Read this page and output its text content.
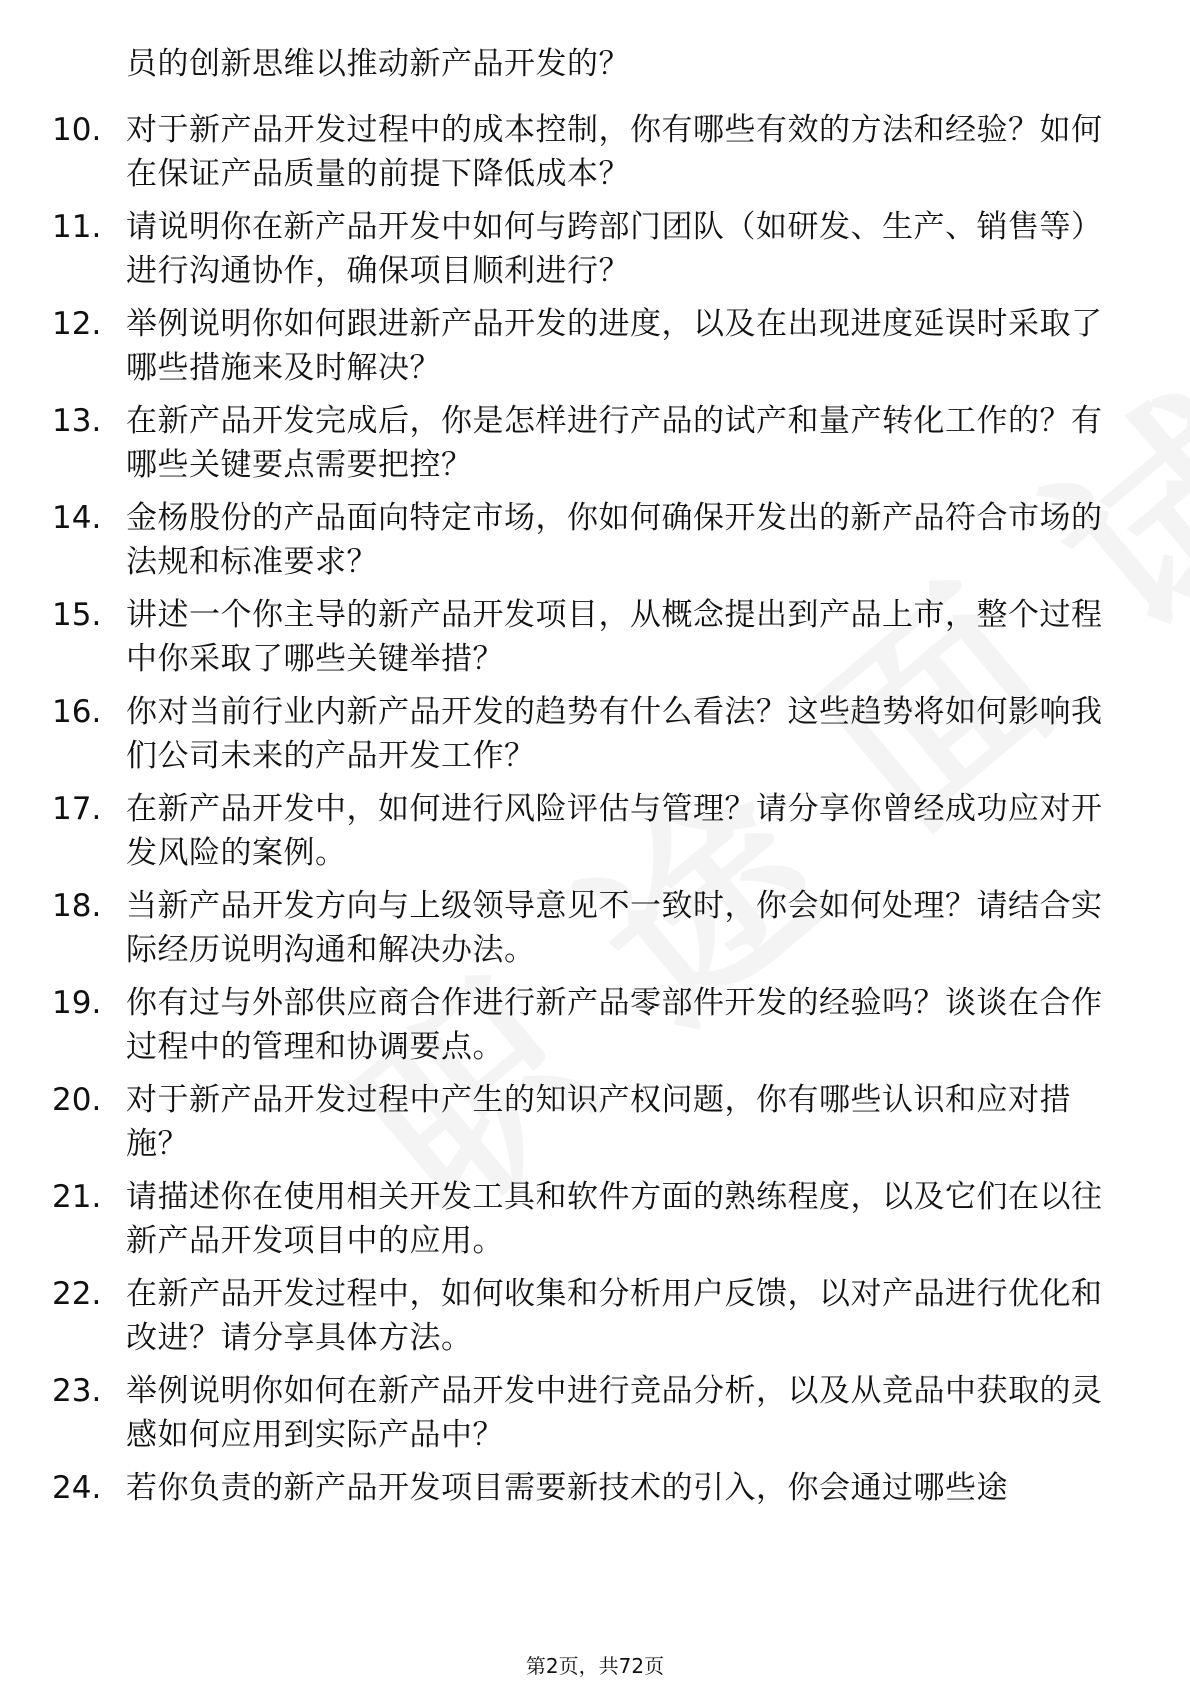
员的创新思维以推动新产品开发的？
10. 对于新产品开发过程中的成本控制，你有哪些有效的方法和经验？如何在保证产品质量的前提下降低成本？
11. 请说明你在新产品开发中如何与跨部门团队（如研发、生产、销售等）进行沟通协作，确保项目顺利进行？
12. 举例说明你如何跟进新产品开发的进度，以及在出现进度延误时采取了哪些措施来及时解决？
13. 在新产品开发完成后，你是怎样进行产品的试产和量产转化工作的？有哪些关键要点需要把控？
14. 金杨股份的产品面向特定市场，你如何确保开发出的新产品符合市场的法规和标准要求？
15. 讲述一个你主导的新产品开发项目，从概念提出到产品上市，整个过程中你采取了哪些关键举措？
16. 你对当前行业内新产品开发的趋势有什么看法？这些趋势将如何影响我们公司未来的产品开发工作？
17. 在新产品开发中，如何进行风险评估与管理？请分享你曾经成功应对开发风险的案例。
18. 当新产品开发方向与上级领导意见不一致时，你会如何处理？请结合实际经历说明沟通和解决办法。
19. 你有过与外部供应商合作进行新产品零部件开发的经验吗？谈谈在合作过程中的管理和协调要点。
20. 对于新产品开发过程中产生的知识产权问题，你有哪些认识和应对措施？
21. 请描述你在使用相关开发工具和软件方面的熟练程度，以及它们在以往新产品开发项目中的应用。
22. 在新产品开发过程中，如何收集和分析用户反馈，以对产品进行优化和改进？请分享具体方法。
23. 举例说明你如何在新产品开发中进行竞品分析，以及从竞品中获取的灵感如何应用到实际产品中？
24. 若你负责的新产品开发项目需要新技术的引入，你会通过哪些途
第2页，共72页
